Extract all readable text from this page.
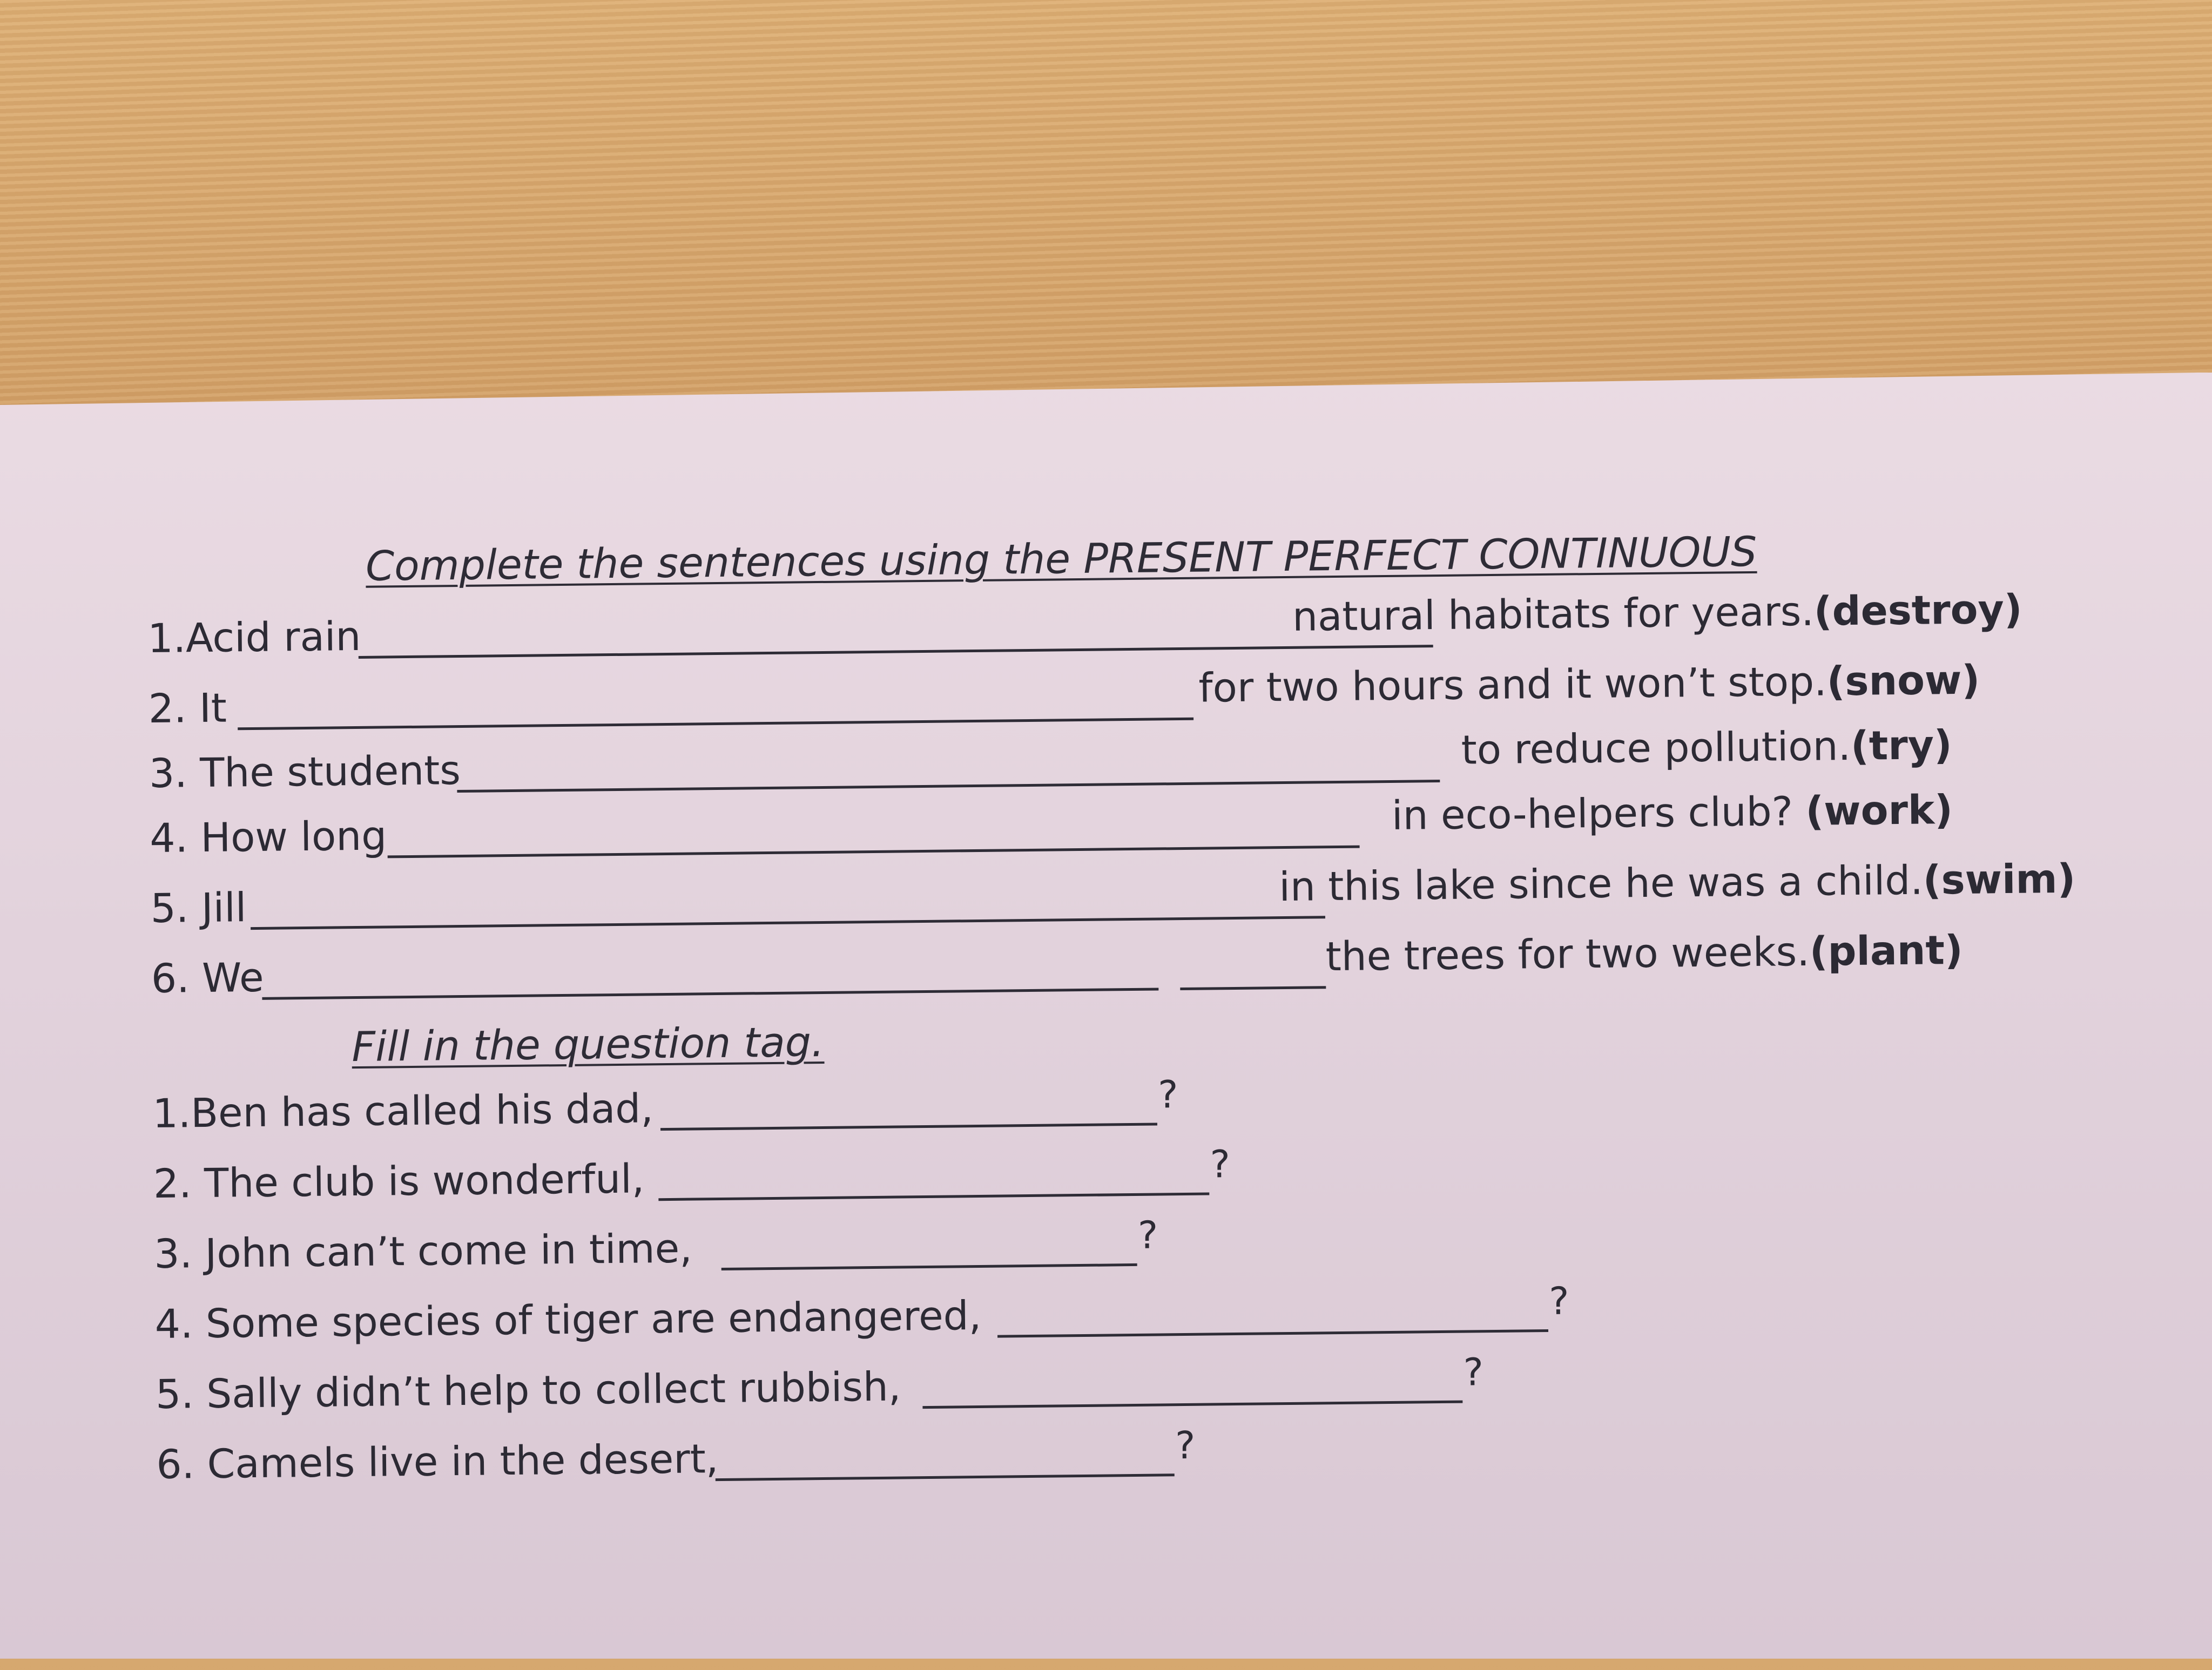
Complete the sentences using the PRESENT PERFECT CONTINUOUS
1.Acid rain	natural habitats for years.(destroy)
2. It	for two hours and it won’t stop.(snow)
3. The students	to reduce pollution.(try)
4. How long	in eco-helpers club? (work)
5. Jill	in this lake since he was a child.(swim)
6. We	the trees for two weeks.(plant)
Fill in the question tag.
1.Ben has called his dad,	?
2. The club is wonderful,	?
3. John can’t come in time,	?
4. Some species of tiger are endangered,	?
5. Sally didn’t help to collect rubbish,	?
6. Camels live in the desert,	?
